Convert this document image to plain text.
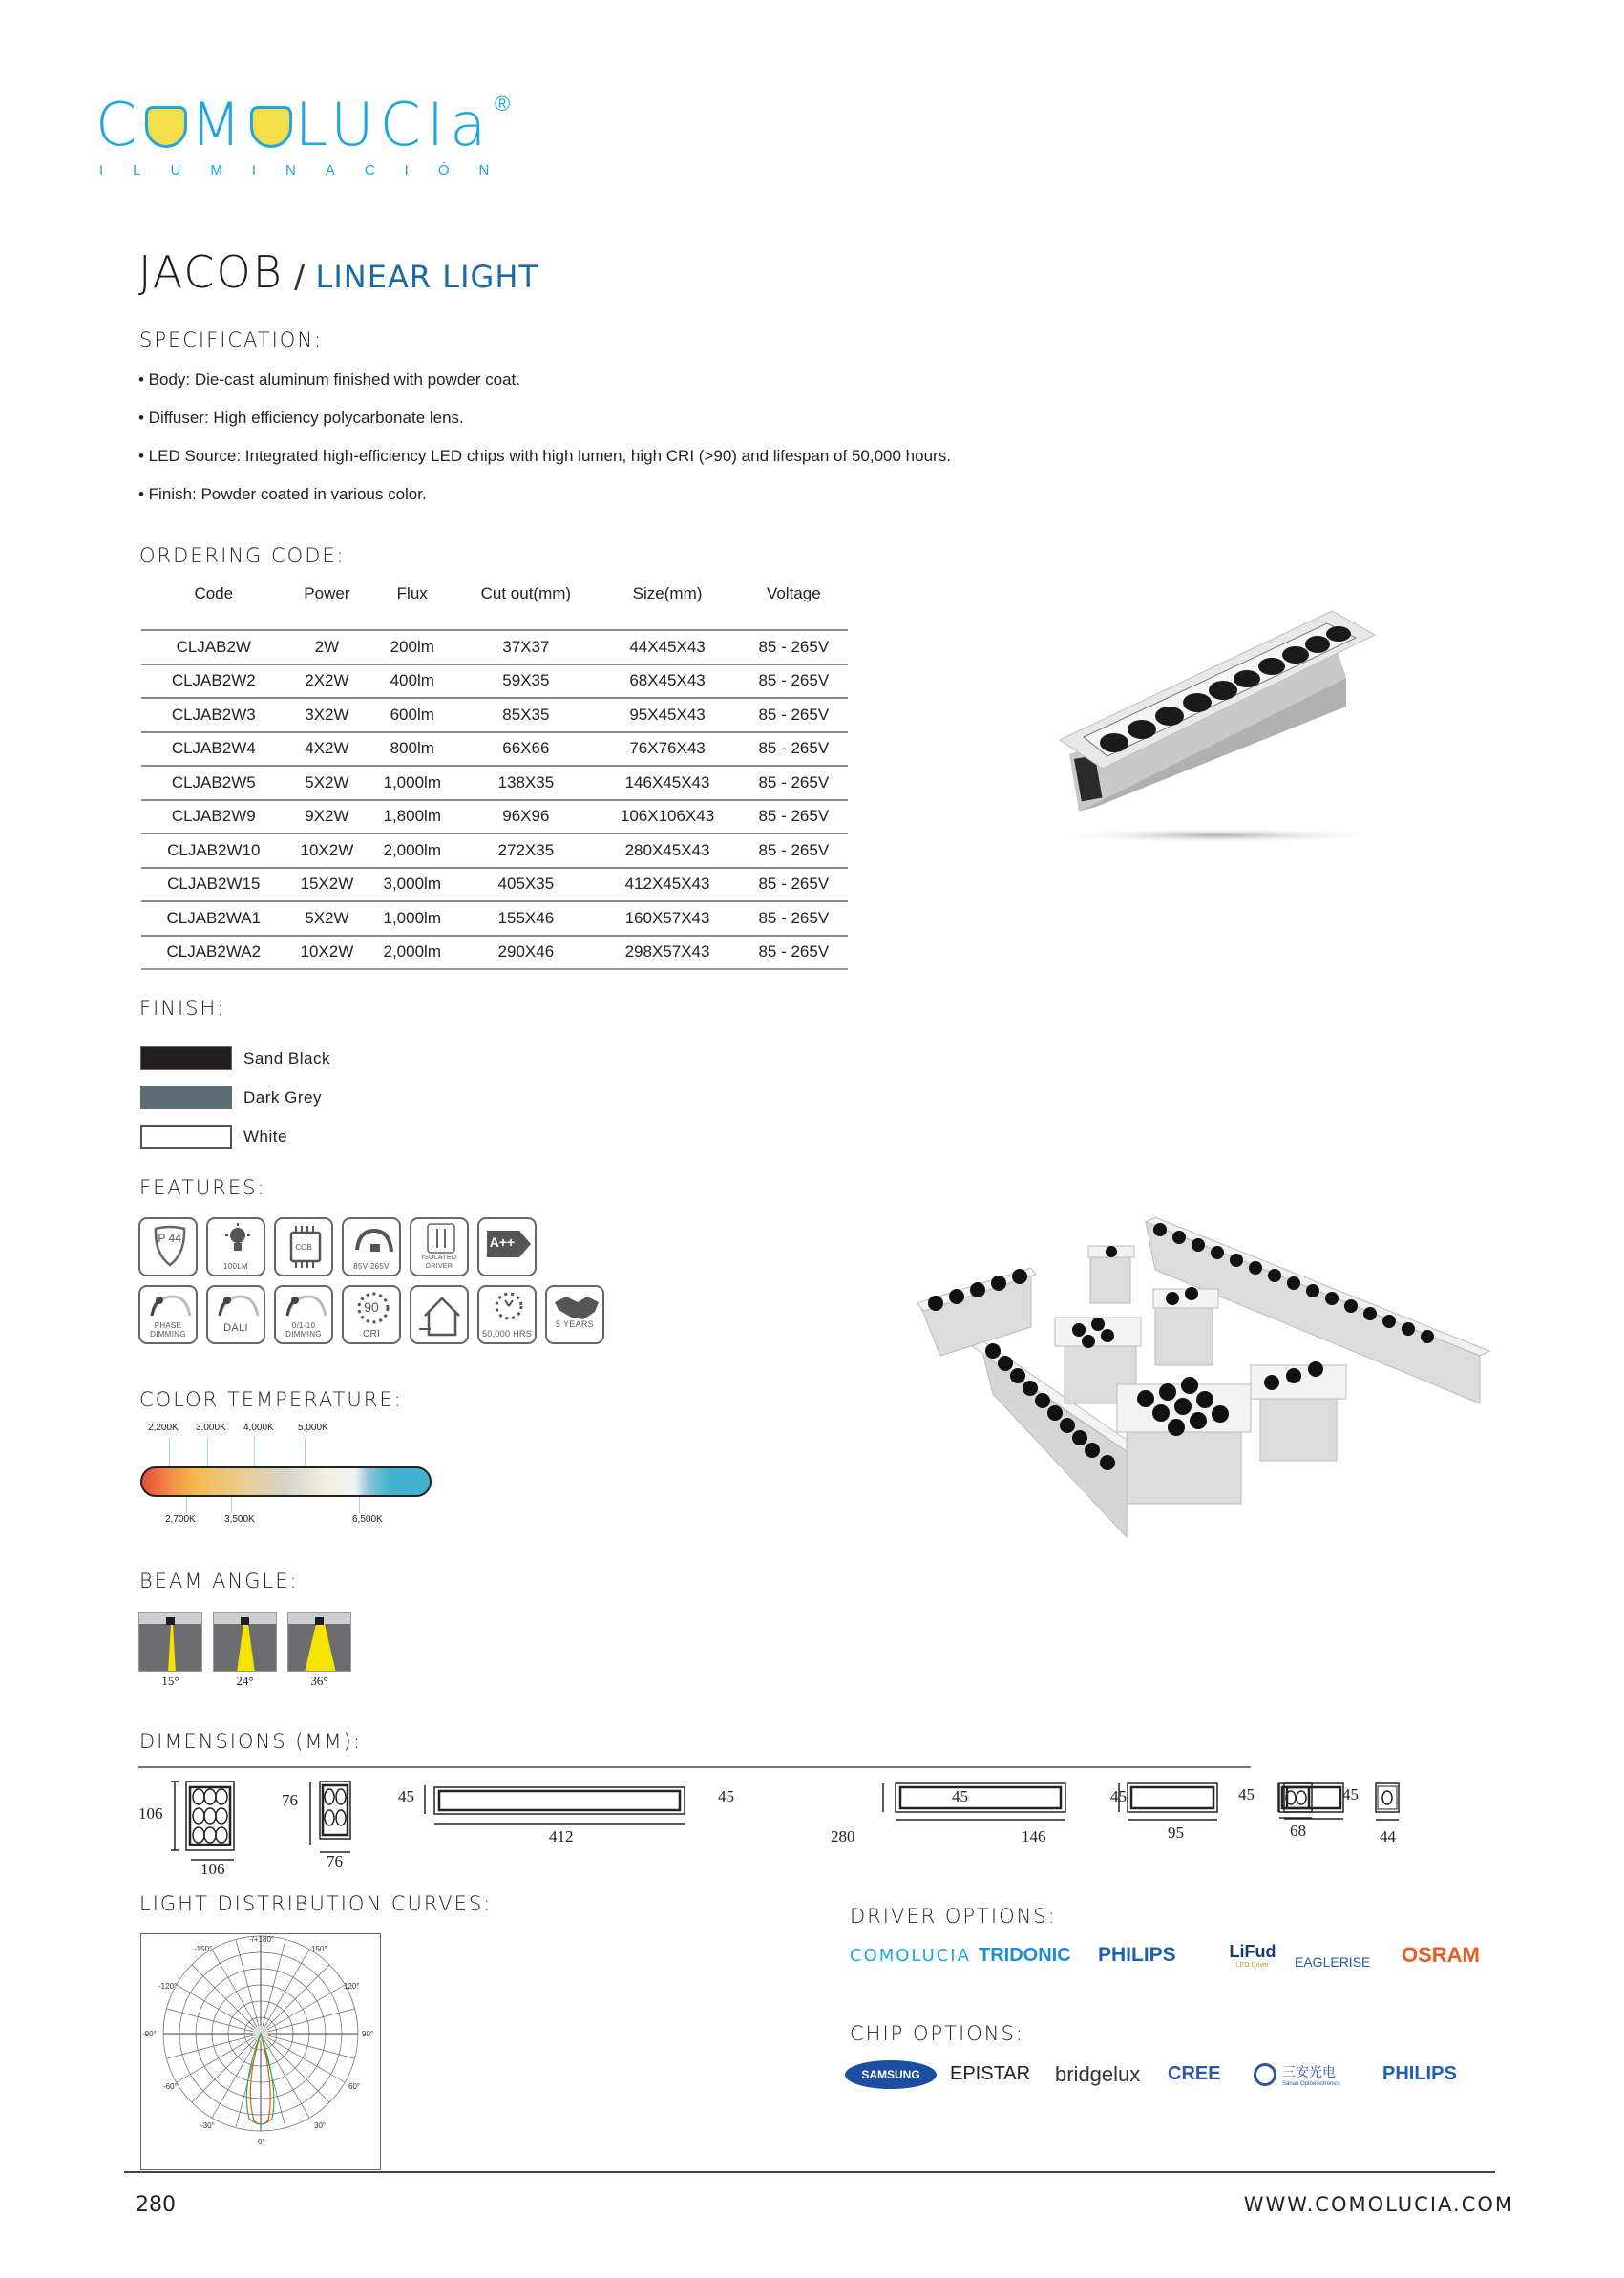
C M LUCIa
ILUMINACIÓN
®
JACOB / LINEAR LIGHT
SPECIFICATION:
• Body: Die-cast aluminum finished with powder coat.
• Diffuser: High efficiency polycarbonate lens.
• LED Source: Integrated high-efficiency LED chips with high lumen, high CRI (>90) and lifespan of 50,000 hours.
• Finish: Powder coated in various color.
ORDERING CODE:
Code	Power	Flux	Cut out(mm)	Size(mm)	Voltage
CLJAB2W	2W	200lm	37X37	44X45X43	85 - 265V
CLJAB2W2	2X2W	400lm	59X35	68X45X43	85 - 265V
CLJAB2W3	3X2W	600lm	85X35	95X45X43	85 - 265V
CLJAB2W4	4X2W	800lm	66X66	76X76X43	85 - 265V
CLJAB2W5	5X2W	1,000lm	138X35	146X45X43	85 - 265V
CLJAB2W9	9X2W	1,800lm	96X96	106X106X43	85 - 265V
CLJAB2W10	10X2W	2,000lm	272X35	280X45X43	85 - 265V
CLJAB2W15	15X2W	3,000lm	405X35	412X45X43	85 - 265V
CLJAB2WA1	5X2W	1,000lm	155X46	160X57X43	85 - 265V
CLJAB2WA2	10X2W	2,000lm	290X46	298X57X43	85 - 265V
FINISH:
Sand Black
Dark Grey
White
FEATURES:
IP 44
100LM
COB
85V-265V
ISOLATED DRIVER
A++
PHASE DIMMING
DALI	0/1-10 DIMMING
90
CRI	50,000 HRS
5 YEARS
COLOR TEMPERATURE:
2,200K 3,000K 4,000K	5,000K
2,700K	3,500K	6,500K
BEAM ANGLE:
15°	24°	36°
DIMENSIONS (MM):
106
106
76
76
45
412
45
280
45
146
45
95
45
68
45
44
LIGHT DISTRIBUTION CURVES:
-/+180°
-150°	150°
-120°	120°
-90°	90°
-60°	60°
-30°	30°
0°
DRIVER OPTIONS:
COMOLUCIA TRIDONIC	PHILIPS	LiFud
LED Driver	EAGLERISE	OSRAM
CHIP OPTIONS:
SAMSUNG	EPISTAR	bridgelux	CREE	三安光电
Sanan Optoelectronics PHILIPS
280	WWW.COMOLUCIA.COM
